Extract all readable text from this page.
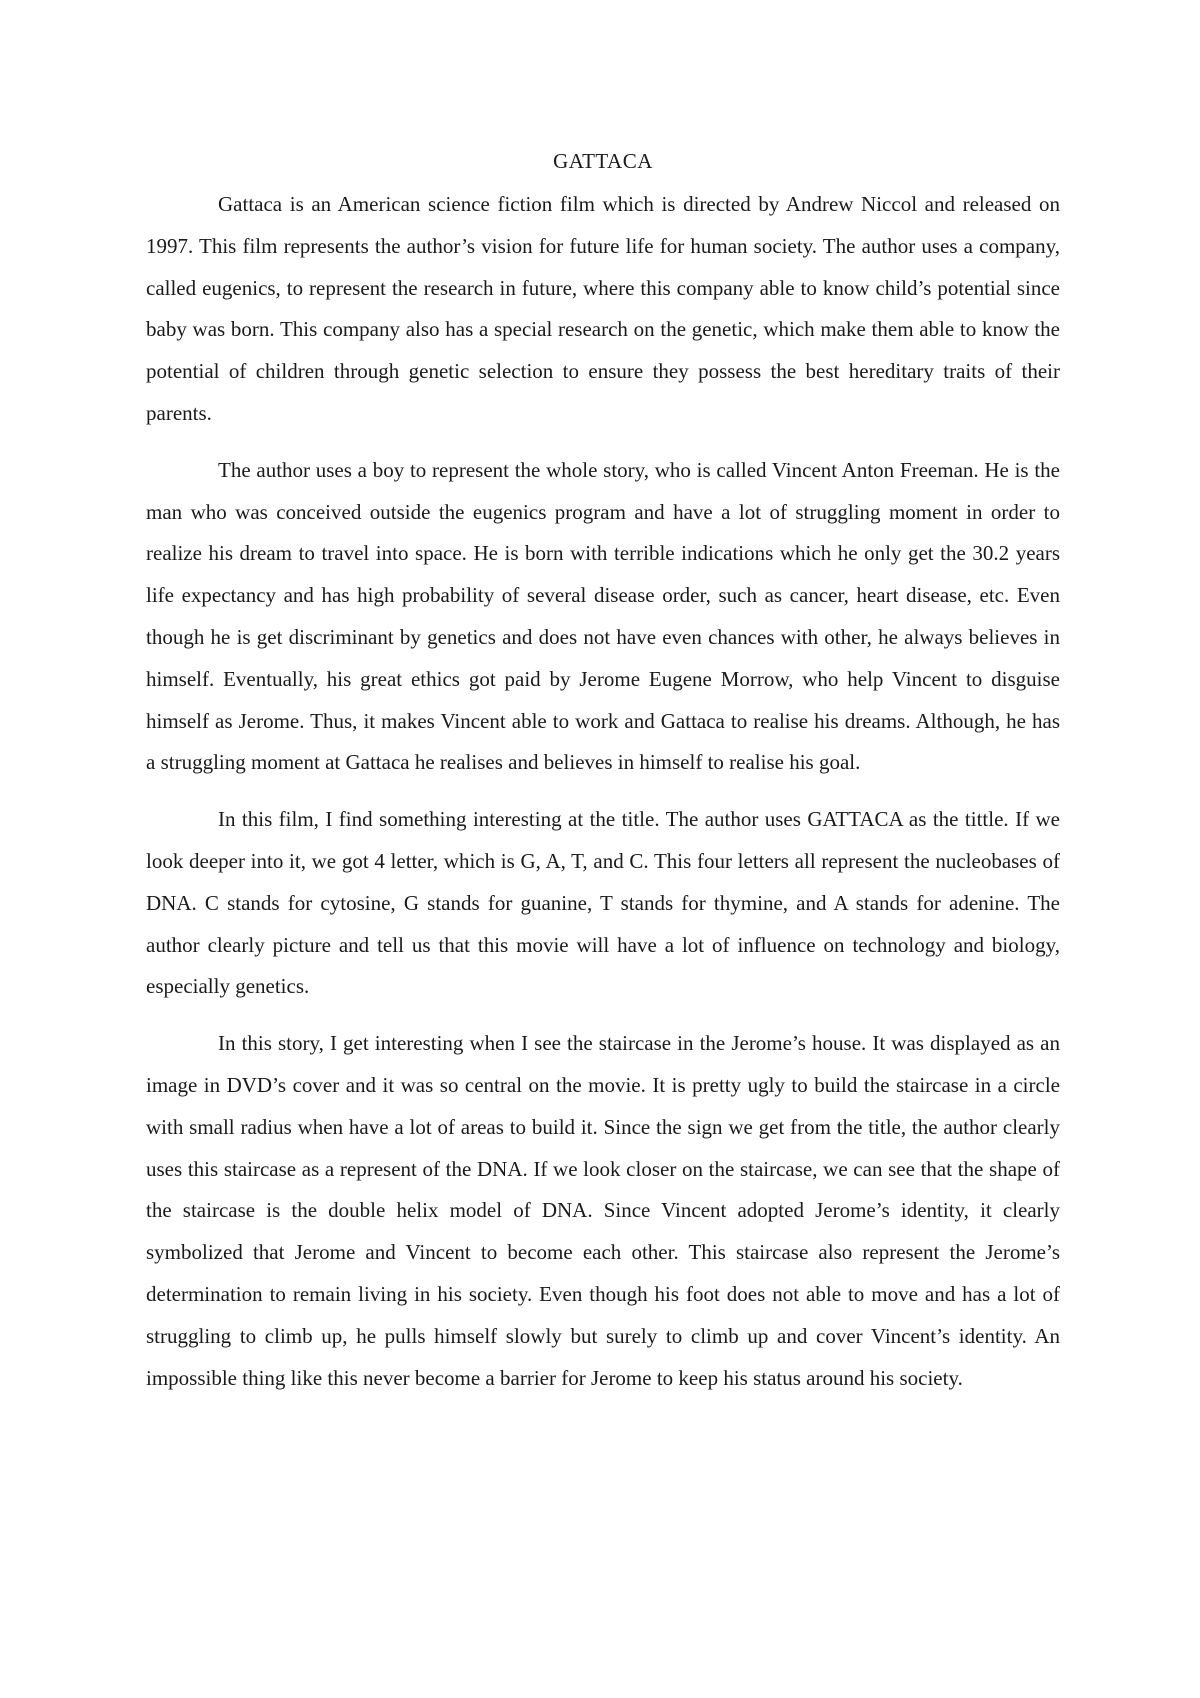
GATTACA

Gattaca is an American science fiction film which is directed by Andrew Niccol and released on 1997. This film represents the author’s vision for future life for human society. The author uses a company, called eugenics, to represent the research in future, where this company able to know child’s potential since baby was born. This company also has a special research on the genetic, which make them able to know the potential of children through genetic selection to ensure they possess the best hereditary traits of their parents.

The author uses a boy to represent the whole story, who is called Vincent Anton Freeman. He is the man who was conceived outside the eugenics program and have a lot of struggling moment in order to realize his dream to travel into space. He is born with terrible indications which he only get the 30.2 years life expectancy and has high probability of several disease order, such as cancer, heart disease, etc. Even though he is get discriminant by genetics and does not have even chances with other, he always believes in himself. Eventually, his great ethics got paid by Jerome Eugene Morrow, who help Vincent to disguise himself as Jerome. Thus, it makes Vincent able to work and Gattaca to realise his dreams. Although, he has a struggling moment at Gattaca he realises and believes in himself to realise his goal.

In this film, I find something interesting at the title. The author uses GATTACA as the tittle. If we look deeper into it, we got 4 letter, which is G, A, T, and C. This four letters all represent the nucleobases of DNA. C stands for cytosine, G stands for guanine, T stands for thymine, and A stands for adenine. The author clearly picture and tell us that this movie will have a lot of influence on technology and biology, especially genetics.

In this story, I get interesting when I see the staircase in the Jerome’s house. It was displayed as an image in DVD’s cover and it was so central on the movie. It is pretty ugly to build the staircase in a circle with small radius when have a lot of areas to build it. Since the sign we get from the title, the author clearly uses this staircase as a represent of the DNA. If we look closer on the staircase, we can see that the shape of the staircase is the double helix model of DNA. Since Vincent adopted Jerome’s identity, it clearly symbolized that Jerome and Vincent to become each other. This staircase also represent the Jerome’s determination to remain living in his society. Even though his foot does not able to move and has a lot of struggling to climb up, he pulls himself slowly but surely to climb up and cover Vincent’s identity. An impossible thing like this never become a barrier for Jerome to keep his status around his society.
